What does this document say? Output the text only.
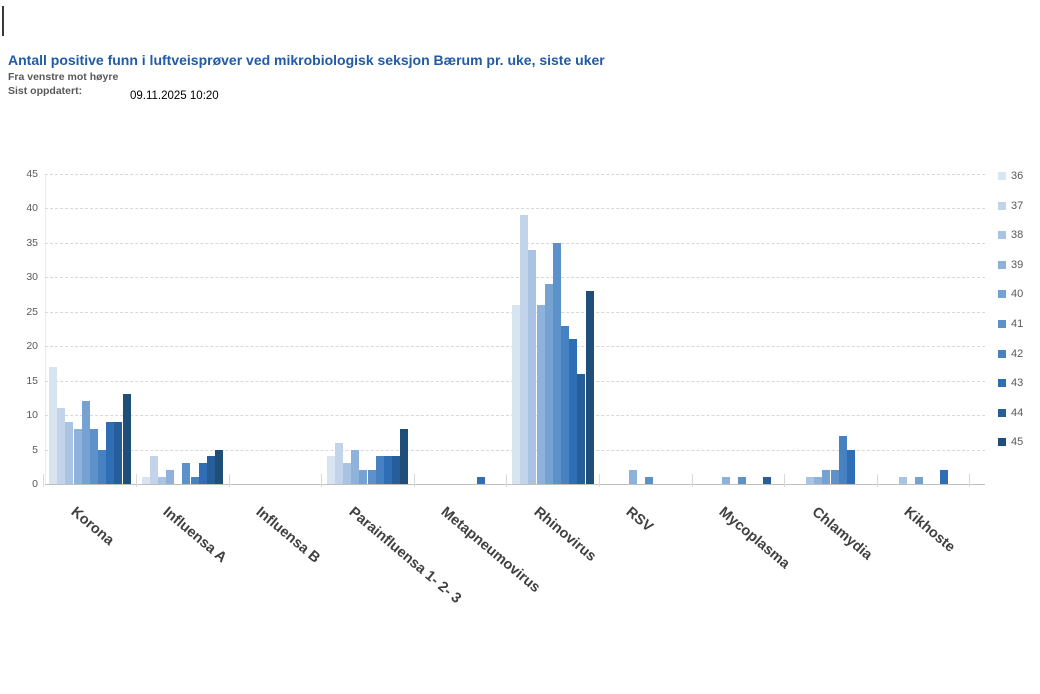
Antall positive funn i luftveisprøver ved mikrobiologisk seksjon Bærum pr. uke, siste uker
Fra venstre mot høyre
Sist oppdatert:	09.11.2025 10:20
0
5
10
15
20
25
30
35
40
45
Korona	Influensa A Influensa B Parainfluensa 1- 2- 3
Metapneumovirus
Rhinovirus RSV	Mycoplasma Chlamydia Kikhoste
36
37
38
39
40
41
42
43
44
45
